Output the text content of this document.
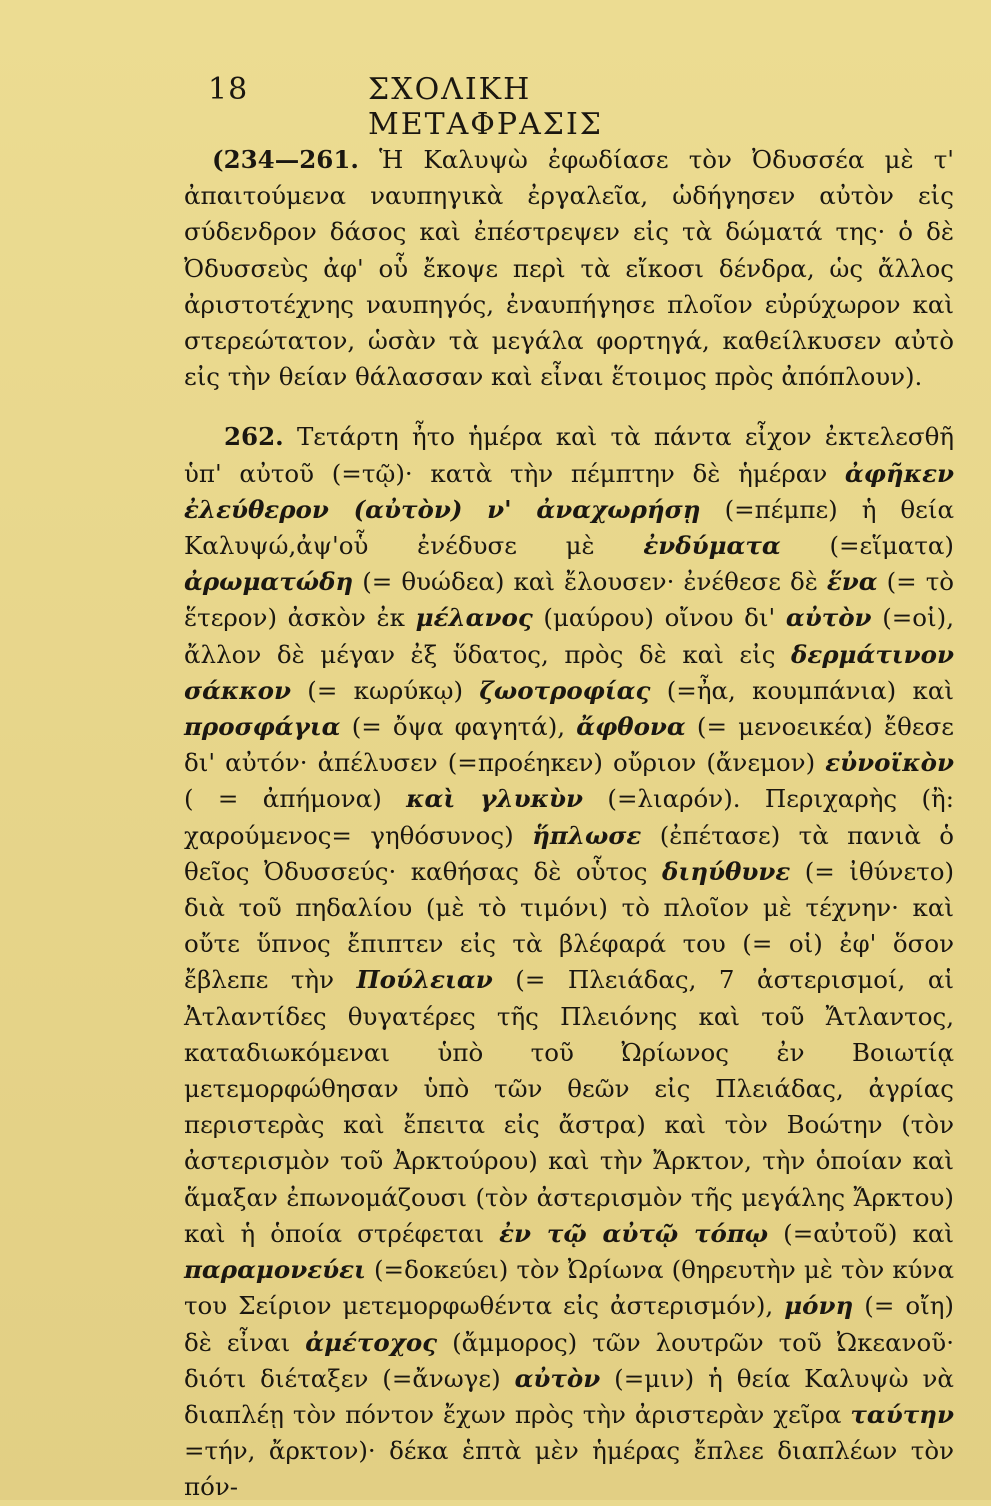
18	ΣΧΟΛΙΚΗ ΜΕΤΑΦΡΑΣΙΣ

(234—261. Ἡ Καλυψὼ ἐφωδίασε τὸν Ὀδυσσέα μὲ τ' ἀπαιτούμενα ναυπηγικὰ ἐργαλεῖα, ὡδήγησεν αὐτὸν εἰς σύδενδρον δάσος καὶ ἐπέστρεψεν εἰς τὰ δώματά της· ὁ δὲ Ὀδυσσεὺς ἀφ' οὗ ἔκοψε περὶ τὰ εἴκοσι δένδρα, ὡς ἄλλος ἀριστοτέχνης ναυπηγός, ἐναυπήγησε πλοῖον εὐρύχωρον καὶ στερεώτατον, ὡσὰν τὰ μεγάλα φορτηγά, καθείλκυσεν αὐτὸ εἰς τὴν θείαν θάλασσαν καὶ εἶναι ἕτοιμος πρὸς ἀπόπλουν).

262. Τετάρτη ἦτο ἡμέρα καὶ τὰ πάντα εἶχον ἐκτελεσθῆ ὑπ' αὐτοῦ (=τῷ)· κατὰ τὴν πέμπτην δὲ ἡμέραν ἀφῆκεν ἐλεύθερον (αὐτὸν) ν' ἀναχωρήσῃ (=πέμπε) ἡ θεία Καλυψώ,ἀψ'οὗ ἐνέδυσε μὲ ἐνδύματα (=εἵματα) ἀρωματώδη (= θυώδεα) καὶ ἔλουσεν· ἐνέθεσε δὲ ἕνα (= τὸ ἕτερον) ἀσκὸν ἐκ μέλανος (μαύρου) οἴνου δι' αὐτὸν (=οἱ), ἄλλον δὲ μέγαν ἐξ ὕδατος, πρὸς δὲ καὶ εἰς δερμάτινον σάκκον (= κωρύκῳ) ζωοτροφίας (=ἦα, κουμπάνια) καὶ προσφάγια (= ὄψα φαγητά), ἄφθονα (= μενοεικέα) ἔθεσε δι' αὐτόν· ἀπέλυσεν (=προέηκεν) οὔριον (ἄνεμον) εὐνοϊκὸν ( = ἀπήμονα) καὶ γλυκὺν (=λιαρόν). Περιχαρὴς (ἢ: χαρούμενος= γηθόσυνος) ἥπλωσε (ἐπέτασε) τὰ πανιὰ ὁ θεῖος Ὀδυσσεύς· καθήσας δὲ οὗτος διηύθυνε (= ἰθύνετο) διὰ τοῦ πηδαλίου (μὲ τὸ τιμόνι) τὸ πλοῖον μὲ τέχνην· καὶ οὔτε ὕπνος ἔπιπτεν εἰς τὰ βλέφαρά του (= οἱ) ἐφ' ὅσον ἔβλεπε τὴν Πούλειαν (= Πλειάδας, 7 ἀστερισμοί, αἱ Ἀτλαντίδες θυγατέρες τῆς Πλειόνης καὶ τοῦ Ἄτλαντος, καταδιωκόμεναι ὑπὸ τοῦ Ὠρίωνος ἐν Βοιωτίᾳ μετεμορφώθησαν ὑπὸ τῶν θεῶν εἰς Πλειάδας, ἀγρίας περιστερὰς καὶ ἔπειτα εἰς ἄστρα) καὶ τὸν Βοώτην (τὸν ἀστερισμὸν τοῦ Ἀρκτούρου) καὶ τὴν Ἄρκτον, τὴν ὁποίαν καὶ ἅμαξαν ἐπωνομάζουσι (τὸν ἀστερισμὸν τῆς μεγάλης Ἄρκτου) καὶ ἡ ὁποία στρέφεται ἐν τῷ αὐτῷ τόπῳ (=αὐτοῦ) καὶ παραμονεύει (=δοκεύει) τὸν Ὠρίωνα (θηρευτὴν μὲ τὸν κύνα του Σείριον μετεμορφωθέντα εἰς ἀστερισμόν), μόνη (= οἴη) δὲ εἶναι ἀμέτοχος (ἄμμορος) τῶν λουτρῶν τοῦ Ὠκεανοῦ· διότι διέταξεν (=ἄνωγε) αὐτὸν (=μιν) ἡ θεία Καλυψὼ νὰ διαπλέῃ τὸν πόντον ἔχων πρὸς τὴν ἀριστερὰν χεῖρα ταύτην =τήν, ἄρκτον)· δέκα ἑπτὰ μὲν ἡμέρας ἔπλεε διαπλέων τὸν πόν-
